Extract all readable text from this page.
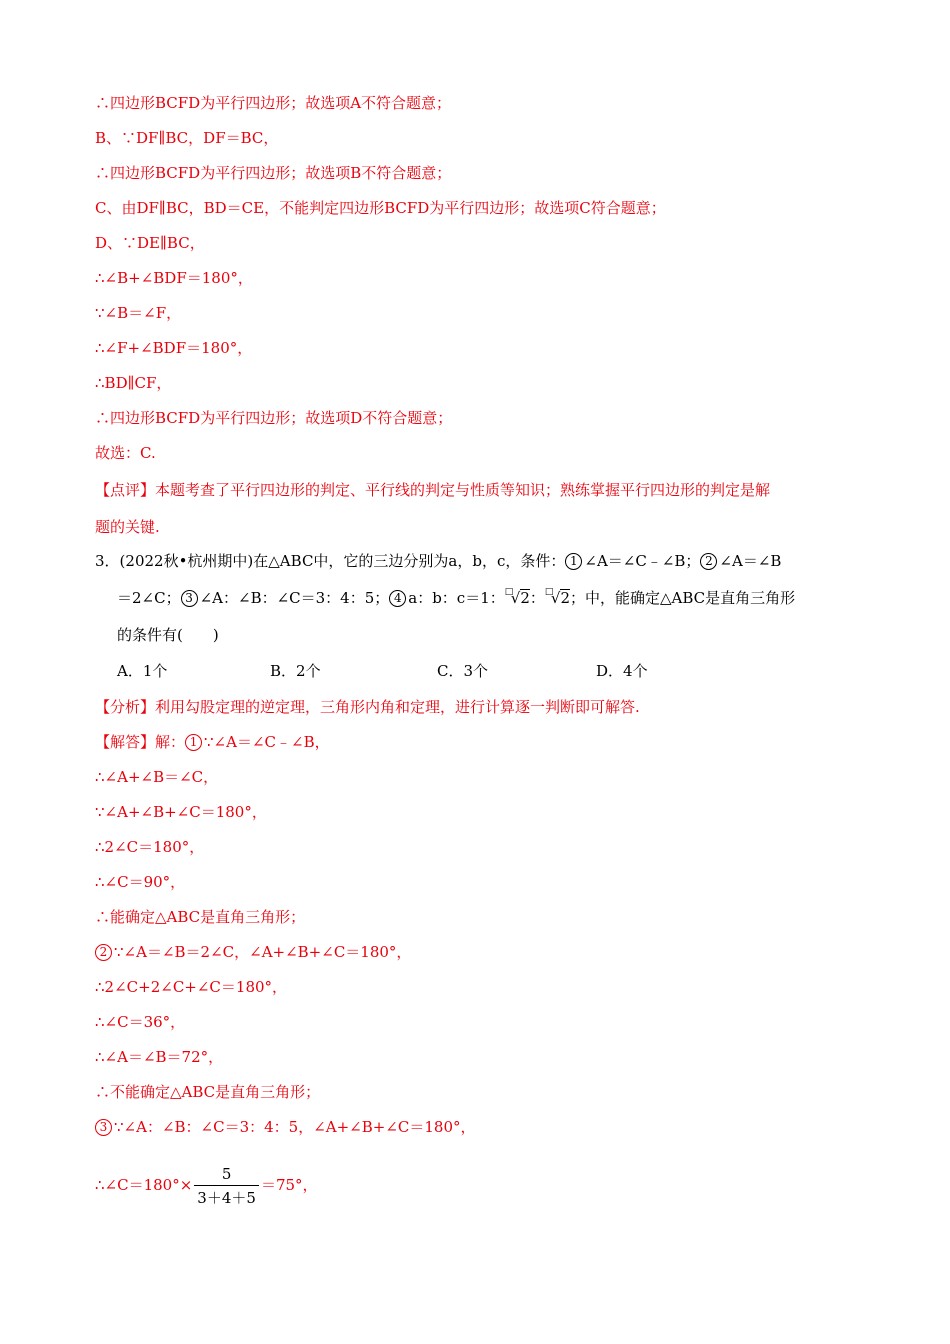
∴四边形BCFD为平行四边形；故选项A不符合题意；
B、∵DF∥BC，DF＝BC，
∴四边形BCFD为平行四边形；故选项B不符合题意；
C、由DF∥BC，BD＝CE，不能判定四边形BCFD为平行四边形；故选项C符合题意；
D、∵DE∥BC，
∴∠B+∠BDF＝180°，
∵∠B＝∠F，
∴∠F+∠BDF＝180°，
∴BD∥CF，
∴四边形BCFD为平行四边形；故选项D不符合题意；
故选：C.
【点评】本题考查了平行四边形的判定、平行线的判定与性质等知识；熟练掌握平行四边形的判定是解
题的关键.
3．(2022秋•杭州期中)在△ABC中，它的三边分别为a，b，c，条件： 1 ∠A＝∠C﹣∠B； 2 ∠A＝∠B
＝2∠C； 3 ∠A：∠B：∠C＝3：4：5； 4 a：b：c＝1： □
√2： □
√2；中，能确定△ABC是直角三角形
的条件有(　　)
A．1个	B．2个	C．3个	D．4个
【分析】利用勾股定理的逆定理，三角形内角和定理，进行计算逐一判断即可解答.
【解答】解： 1 ∵∠A＝∠C﹣∠B，
∴∠A+∠B＝∠C，
∵∠A+∠B+∠C＝180°，
∴2∠C＝180°，
∴∠C＝90°，
∴能确定△ABC是直角三角形；
2 ∵∠A＝∠B＝2∠C，∠A+∠B+∠C＝180°，
∴2∠C+2∠C+∠C＝180°，
∴∠C＝36°，
∴∠A＝∠B＝72°，
∴不能确定△ABC是直角三角形；
3 ∵∠A：∠B：∠C＝3：4：5，∠A+∠B+∠C＝180°，
∴∠C＝180°× $\frac{5}{3+4+5} =75^\circ$，
